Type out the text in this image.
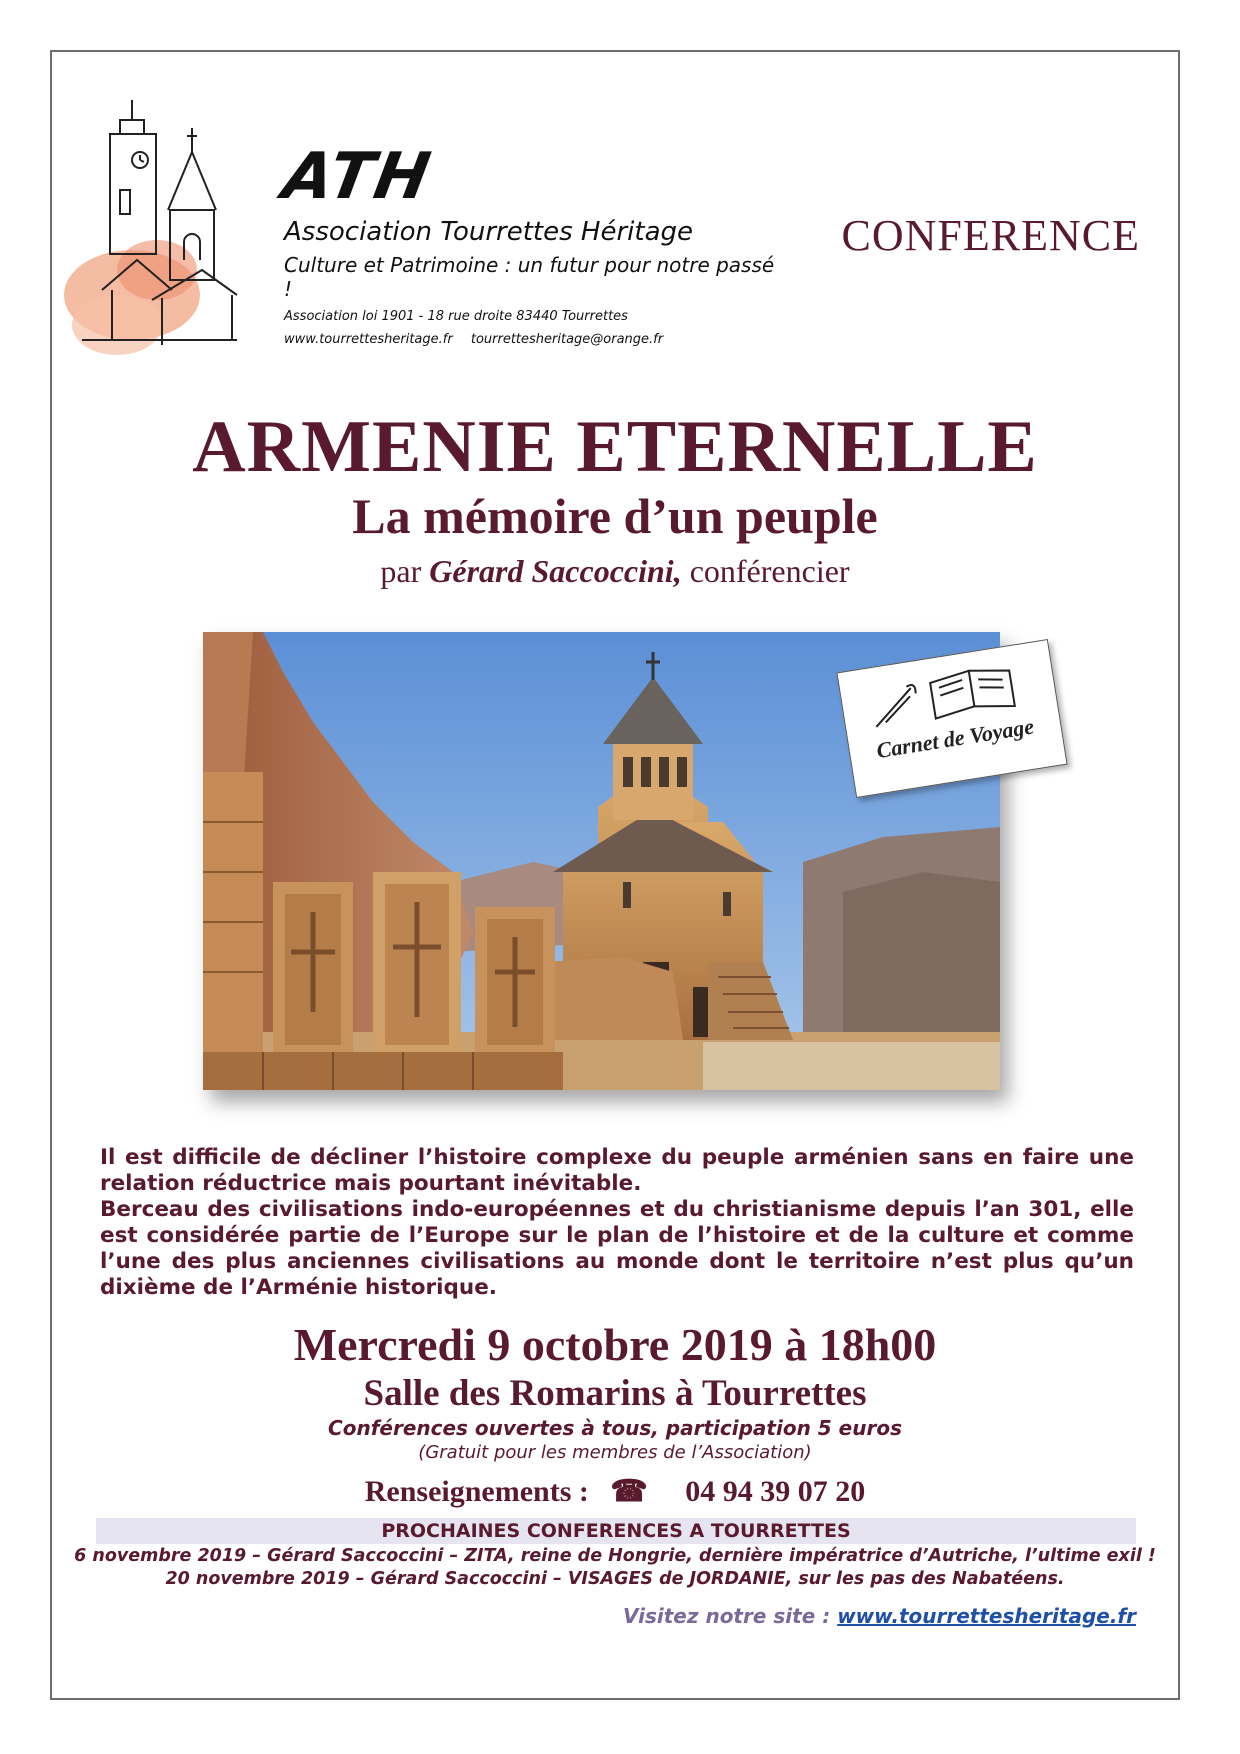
ATH
Association Tourrettes Héritage
Culture et Patrimoine : un futur pour notre passé !
Association loi 1901 - 18 rue droite 83440 Tourrettes
www.tourrettesheritage.fr tourrettesheritage@orange.fr
CONFERENCE
ARMENIE ETERNELLE
La mémoire d’un peuple
par Gérard Saccoccini, conférencier
Carnet de Voyage

Il est difficile de décliner l’histoire complexe du peuple arménien sans en faire une relation réductrice mais pourtant inévitable.

Berceau des civilisations indo-européennes et du christianisme depuis l’an 301, elle est considérée partie de l’Europe sur le plan de l’histoire et de la culture et comme l’une des plus anciennes civilisations au monde dont le territoire n’est plus qu’un dixième de l’Arménie historique.

Mercredi 9 octobre 2019 à 18h00
Salle des Romarins à Tourrettes
Conférences ouvertes à tous, participation 5 euros
(Gratuit pour les membres de l’Association)
Renseignements : ☎ 04 94 39 07 20
PROCHAINES CONFERENCES A TOURRETTES
6 novembre 2019 – Gérard Saccoccini – ZITA, reine de Hongrie, dernière impératrice d’Autriche, l’ultime exil !
20 novembre 2019 – Gérard Saccoccini – VISAGES de JORDANIE, sur les pas des Nabatéens.
Visitez notre site : www.tourrettesheritage.fr
